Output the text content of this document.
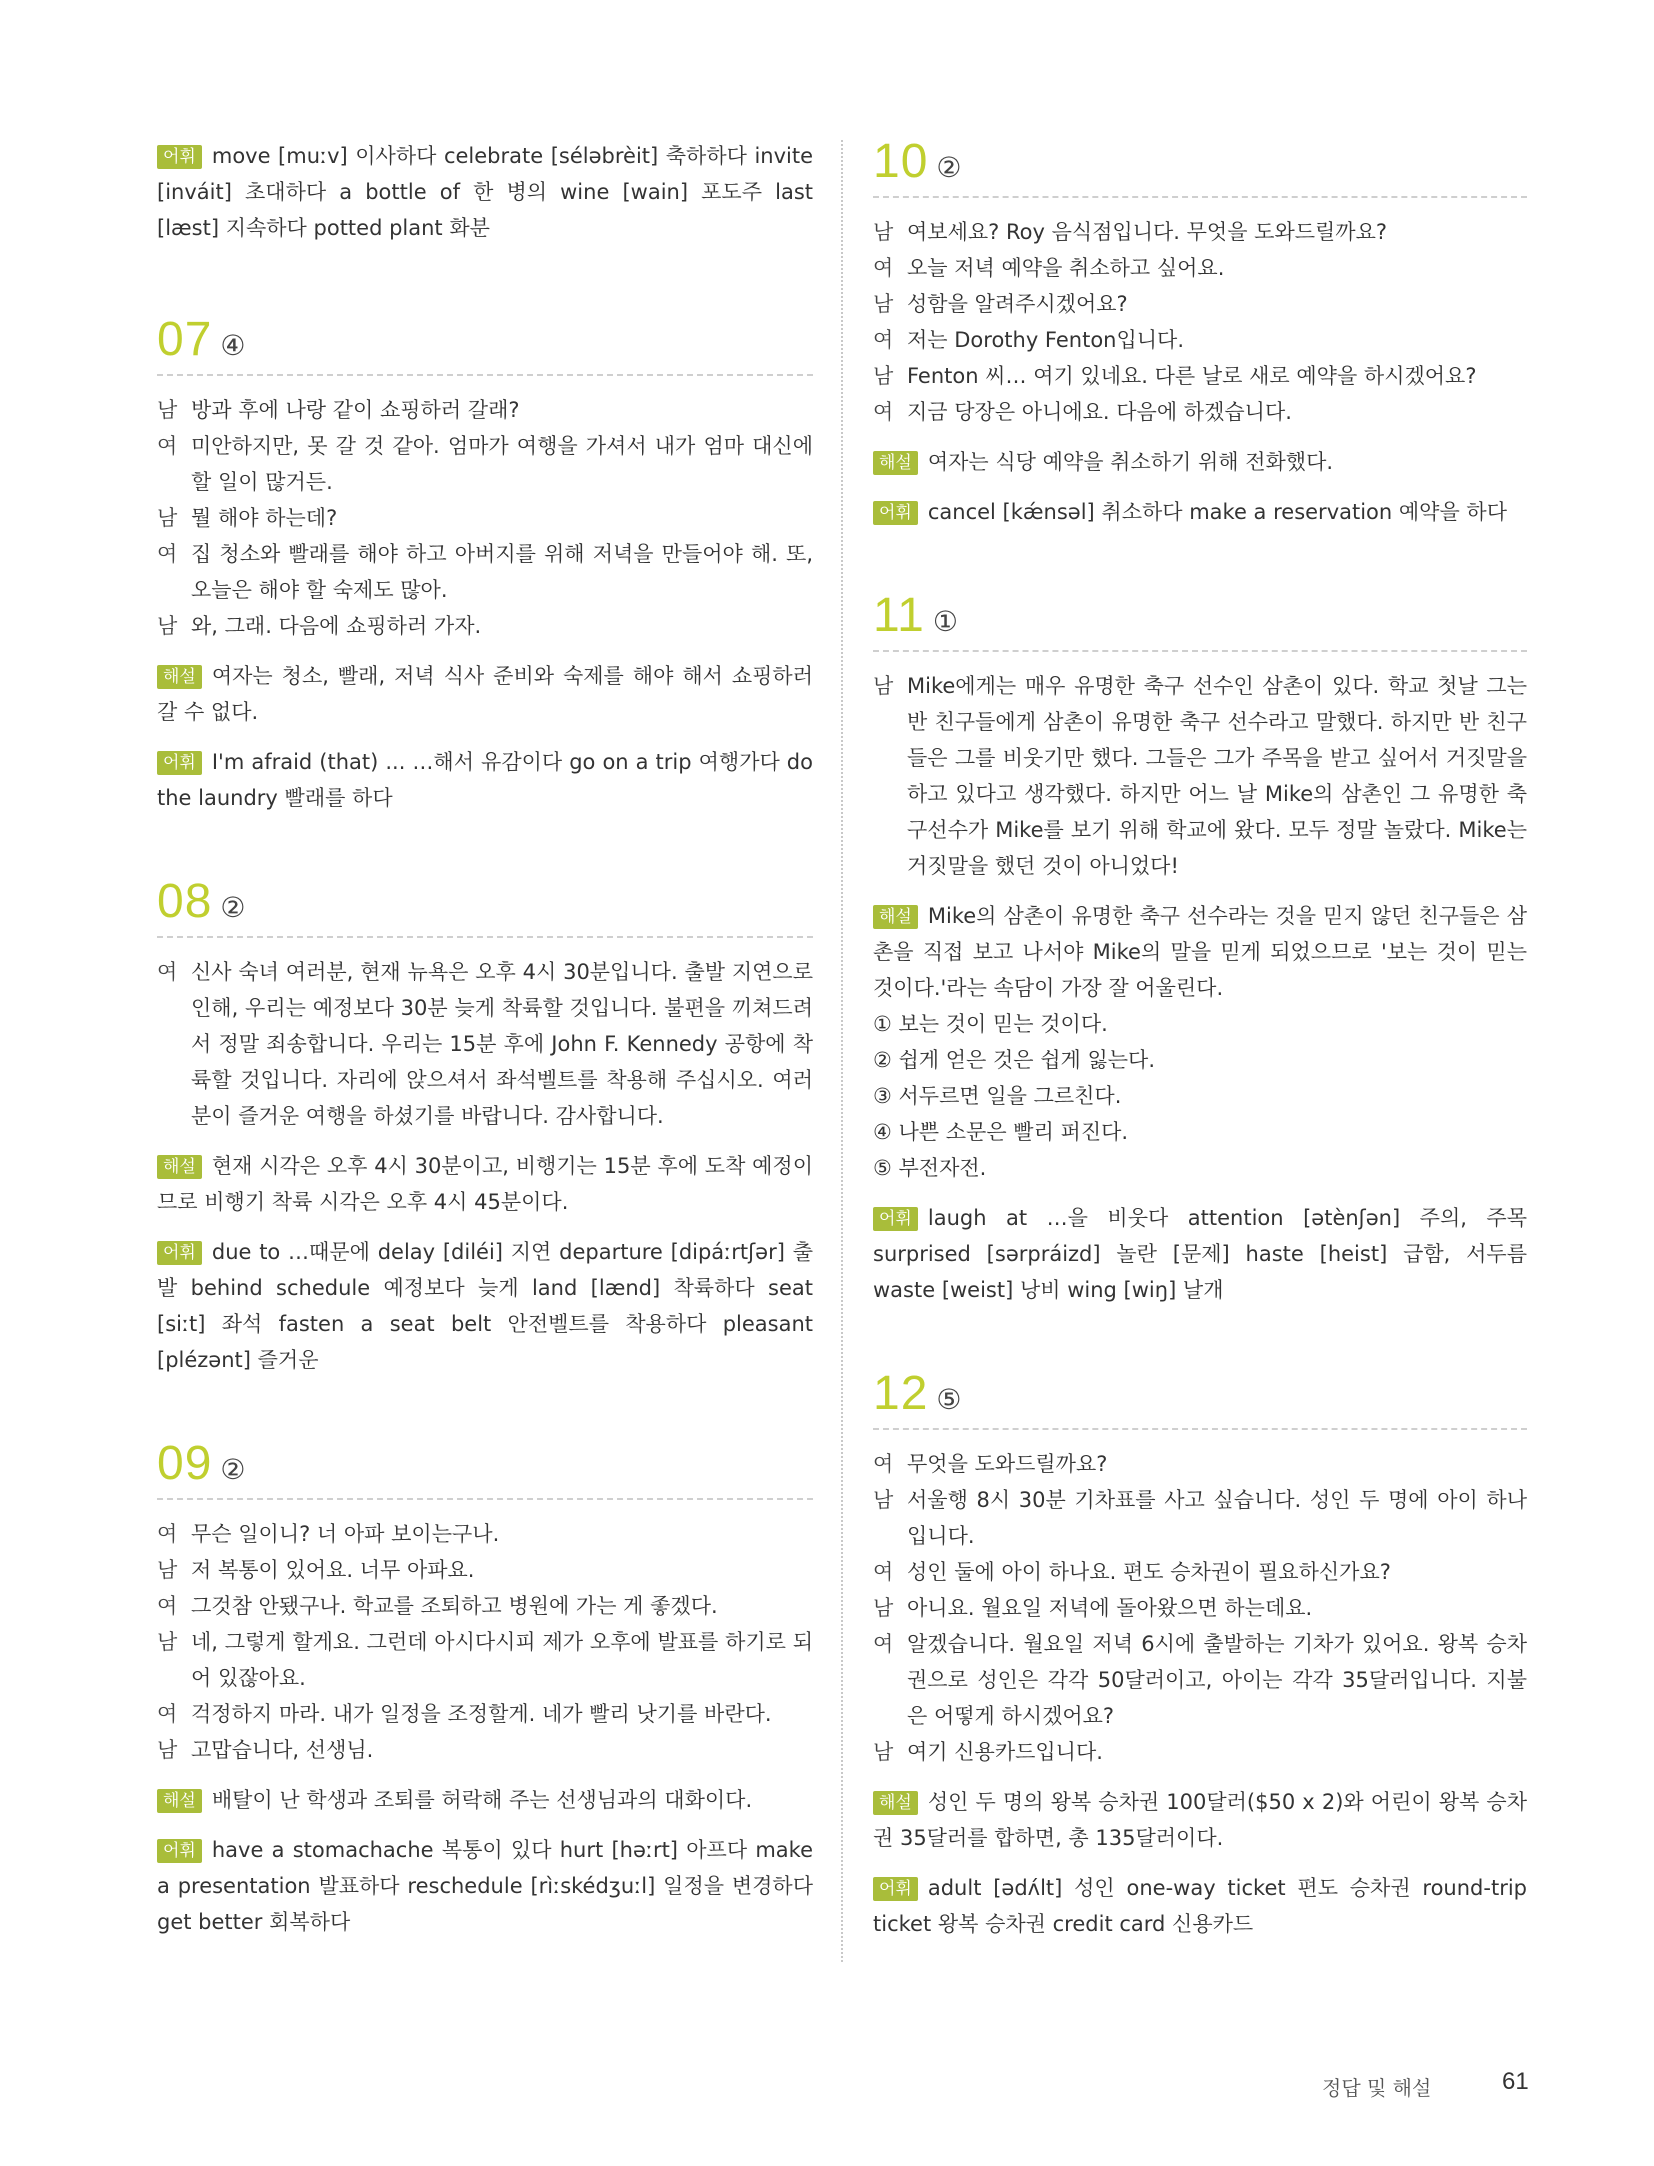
어휘 move [muːv] 이사하다 celebrate [séləbrèit] 축하하다 invite [inváit] 초대하다 a bottle of 한 병의 wine [wain] 포도주 last [læst] 지속하다 potted plant 화분
07 ④
남 방과 후에 나랑 같이 쇼핑하러 갈래?
여 미안하지만, 못 갈 것 같아. 엄마가 여행을 가셔서 내가 엄마 대신에 할 일이 많거든.
남 뭘 해야 하는데?
여 집 청소와 빨래를 해야 하고 아버지를 위해 저녁을 만들어야 해. 또, 오늘은 해야 할 숙제도 많아.
남 와, 그래. 다음에 쇼핑하러 가자.
해설 여자는 청소, 빨래, 저녁 식사 준비와 숙제를 해야 해서 쇼핑하러 갈 수 없다.
어휘 I'm afraid (that) ... …해서 유감이다 go on a trip 여행가다 do the laundry 빨래를 하다
08 ②
여 신사 숙녀 여러분, 현재 뉴욕은 오후 4시 30분입니다. 출발 지연으로 인해, 우리는 예정보다 30분 늦게 착륙할 것입니다. 불편을 끼쳐드려서 정말 죄송합니다. 우리는 15분 후에 John F. Kennedy 공항에 착륙할 것입니다. 자리에 앉으셔서 좌석벨트를 착용해 주십시오. 여러분이 즐거운 여행을 하셨기를 바랍니다. 감사합니다.
해설 현재 시각은 오후 4시 30분이고, 비행기는 15분 후에 도착 예정이므로 비행기 착륙 시각은 오후 4시 45분이다.
어휘 due to …때문에 delay [diléi] 지연 departure [dipáːrtʃər] 출발 behind schedule 예정보다 늦게 land [lænd] 착륙하다 seat [siːt] 좌석 fasten a seat belt 안전벨트를 착용하다 pleasant [plézənt] 즐거운
09 ②
여 무슨 일이니? 너 아파 보이는구나.
남 저 복통이 있어요. 너무 아파요.
여 그것참 안됐구나. 학교를 조퇴하고 병원에 가는 게 좋겠다.
남 네, 그렇게 할게요. 그런데 아시다시피 제가 오후에 발표를 하기로 되어 있잖아요.
여 걱정하지 마라. 내가 일정을 조정할게. 네가 빨리 낫기를 바란다.
남 고맙습니다, 선생님.
해설 배탈이 난 학생과 조퇴를 허락해 주는 선생님과의 대화이다.
어휘 have a stomachache 복통이 있다 hurt [həːrt] 아프다 make a presentation 발표하다 reschedule [rìːskédʒuːl] 일정을 변경하다 get better 회복하다
10 ②
남 여보세요? Roy 음식점입니다. 무엇을 도와드릴까요?
여 오늘 저녁 예약을 취소하고 싶어요.
남 성함을 알려주시겠어요?
여 저는 Dorothy Fenton입니다.
남 Fenton 씨… 여기 있네요. 다른 날로 새로 예약을 하시겠어요?
여 지금 당장은 아니에요. 다음에 하겠습니다.
해설 여자는 식당 예약을 취소하기 위해 전화했다.
어휘 cancel [kǽnsəl] 취소하다 make a reservation 예약을 하다
11 ①
남 Mike에게는 매우 유명한 축구 선수인 삼촌이 있다. 학교 첫날 그는 반 친구들에게 삼촌이 유명한 축구 선수라고 말했다. 하지만 반 친구들은 그를 비웃기만 했다. 그들은 그가 주목을 받고 싶어서 거짓말을 하고 있다고 생각했다. 하지만 어느 날 Mike의 삼촌인 그 유명한 축구선수가 Mike를 보기 위해 학교에 왔다. 모두 정말 놀랐다. Mike는 거짓말을 했던 것이 아니었다!
해설 Mike의 삼촌이 유명한 축구 선수라는 것을 믿지 않던 친구들은 삼촌을 직접 보고 나서야 Mike의 말을 믿게 되었으므로 '보는 것이 믿는 것이다.'라는 속담이 가장 잘 어울린다.
① 보는 것이 믿는 것이다.
② 쉽게 얻은 것은 쉽게 잃는다.
③ 서두르면 일을 그르친다.
④ 나쁜 소문은 빨리 퍼진다.
⑤ 부전자전.
어휘 laugh at …을 비웃다 attention [ətènʃən] 주의, 주목 surprised [sərpráizd] 놀란 [문제] haste [heist] 급함, 서두름 waste [weist] 낭비 wing [wiŋ] 날개
12 ⑤
여 무엇을 도와드릴까요?
남 서울행 8시 30분 기차표를 사고 싶습니다. 성인 두 명에 아이 하나입니다.
여 성인 둘에 아이 하나요. 편도 승차권이 필요하신가요?
남 아니요. 월요일 저녁에 돌아왔으면 하는데요.
여 알겠습니다. 월요일 저녁 6시에 출발하는 기차가 있어요. 왕복 승차권으로 성인은 각각 50달러이고, 아이는 각각 35달러입니다. 지불은 어떻게 하시겠어요?
남 여기 신용카드입니다.
해설 성인 두 명의 왕복 승차권 100달러($50 x 2)와 어린이 왕복 승차권 35달러를 합하면, 총 135달러이다.
어휘 adult [ədʌ́lt] 성인 one-way ticket 편도 승차권 round-trip ticket 왕복 승차권 credit card 신용카드
정답 및 해설	61
